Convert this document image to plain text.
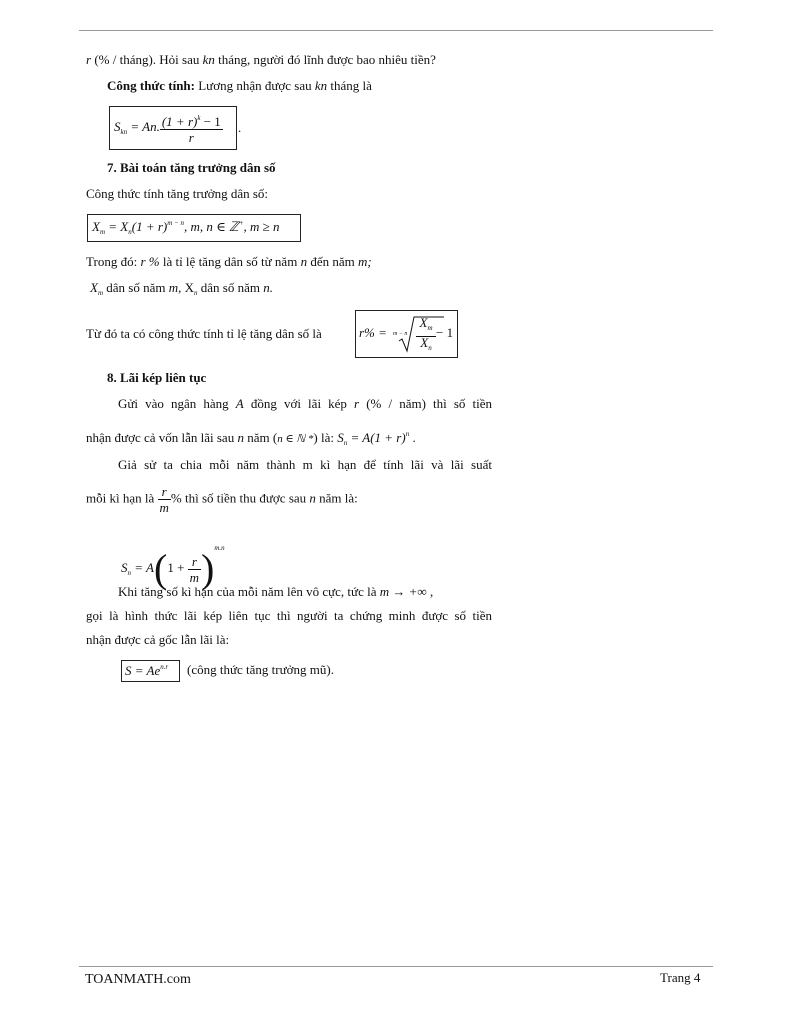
r (% / tháng). Hỏi sau kn tháng, người đó lĩnh được bao nhiêu tiền?
Công thức tính: Lương nhận được sau kn tháng là
$S_{kn} = An$. $\frac{(1 + r)^k - 1}{r}$ .
7. Bài toán tăng trưởng dân số
Công thức tính tăng trưởng dân số:
$X_m = X_n(1 + r)^{m - n}$, m, n ∈ ℤ+, m ≥ n
Trong đó: r % là tỉ lệ tăng dân số từ năm n đến năm m;
$X_m$ dân số năm m, $X_n$ dân số năm n.
Từ đó ta có công thức tính tỉ lệ tăng dân số là	r% = m − n
$X_m$
$X_n$
− 1
8. Lãi kép liên tục
Gửi vào ngân hàng A đồng với lãi kép r (% / năm) thì số tiền
nhận được cả vốn lẫn lãi sau n năm (n ∈ ℕ *) là: $S_n = A(1 + r)^n$ .
Giả sử ta chia mỗi năm thành m kì hạn để tính lãi và lãi suất
mỗi kì hạn là $\frac{r}{m}$ % thì số tiền thu được sau n năm là:
$S_n = A(1 + \frac{r}{m} )^{m.n}$
Khi tăng số kì hạn của mỗi năm lên vô cực, tức là m → +∞ ,
gọi là hình thức lãi kép liên tục thì người ta chứng minh được số tiền
nhận được cả gốc lẫn lãi là:
$S = Ae^{n.r}$ (công thức tăng trưởng mũ).
TOANMATH.com	Trang 4
